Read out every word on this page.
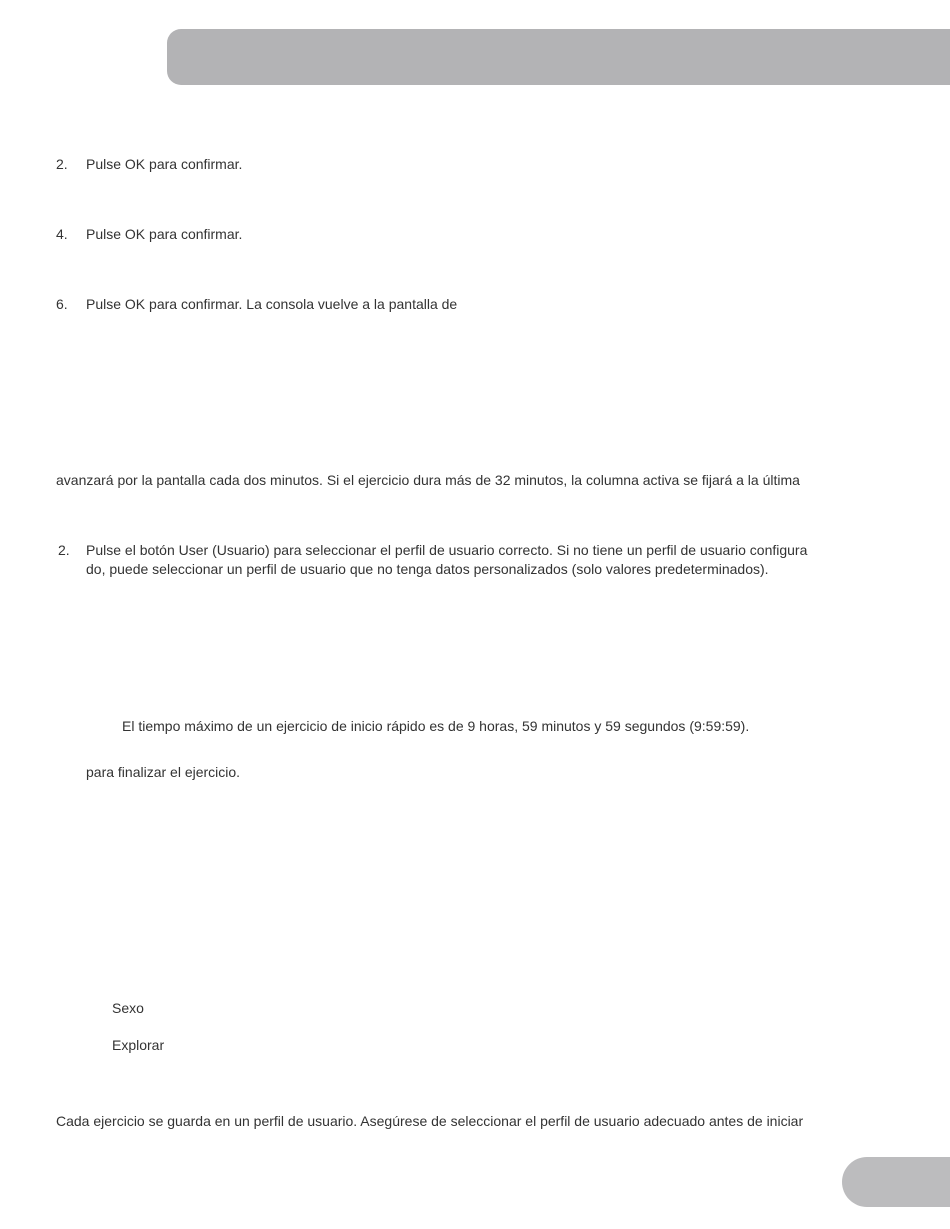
2. Pulse OK para confirmar.
4. Pulse OK para confirmar.
6. Pulse OK para confirmar. La consola vuelve a la pantalla de
avanzará por la pantalla cada dos minutos. Si el ejercicio dura más de 32 minutos, la columna activa se fijará a la última
2. Pulse el botón User (Usuario) para seleccionar el perfil de usuario correcto. Si no tiene un perfil de usuario configura
do, puede seleccionar un perfil de usuario que no tenga datos personalizados (solo valores predeterminados).
El tiempo máximo de un ejercicio de inicio rápido es de 9 horas, 59 minutos y 59 segundos (9:59:59).
para finalizar el ejercicio.
Sexo
Explorar
Cada ejercicio se guarda en un perfil de usuario. Asegúrese de seleccionar el perfil de usuario adecuado antes de iniciar
